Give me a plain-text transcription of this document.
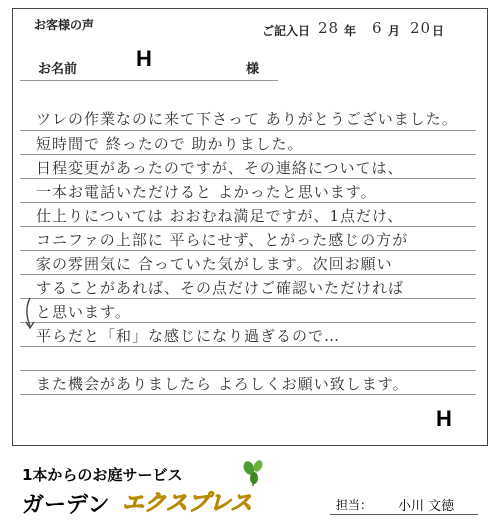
お客様の声	ご記入日 28 年 6 月 20 日
お名前	H	様
ツレの作業なのに来て下さって ありがとうございました。
短時間で 終ったので 助かりました。
日程変更があったのですが、その連絡については、
一本お電話いただけると よかったと思います。
仕上りについては おおむね満足ですが、1点だけ、
コニファの上部に 平らにせず、とがった感じの方が
家の雰囲気に 合っていた気がします。次回お願い
することがあれば、その点だけご確認いただければ
と思います。
平らだと「和」な感じになり過ぎるので…
また機会がありましたら よろしくお願い致します。
H
1本からのお庭サービス
ガーデン エクスプレス	担当： 小川 文徳
